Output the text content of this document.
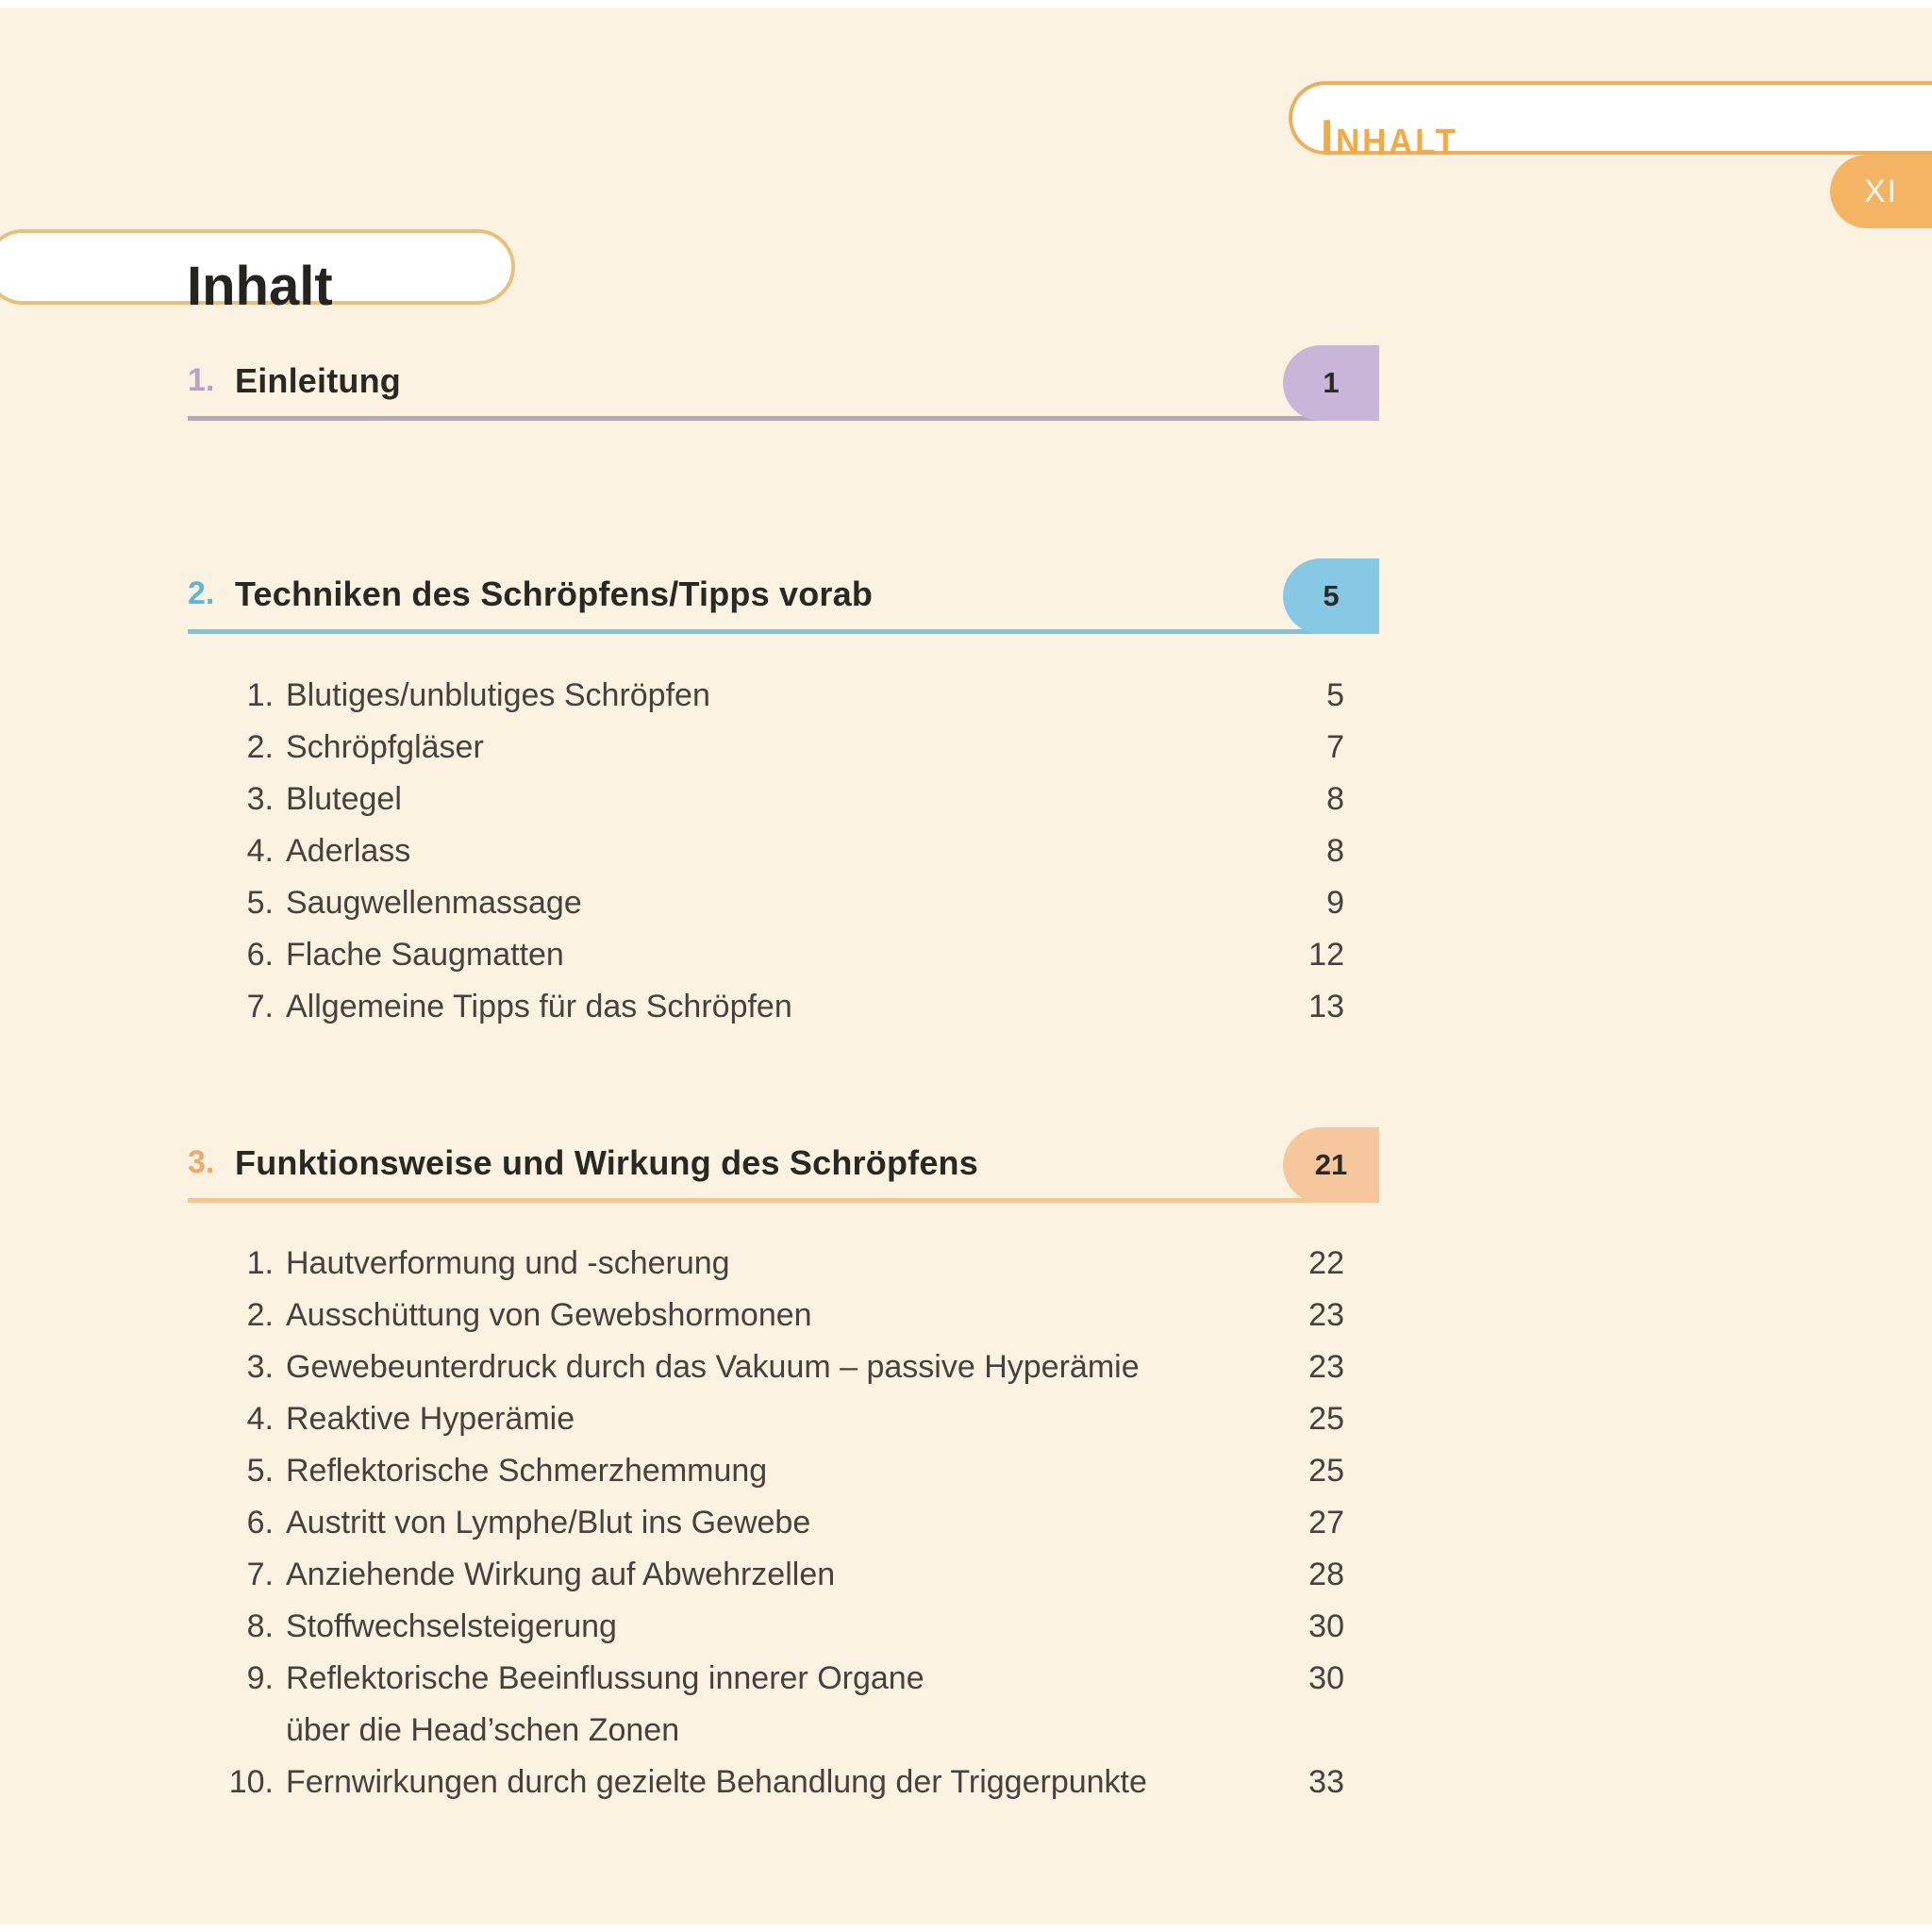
INHALT
XI
Inhalt
1. Einleitung	1
2. Techniken des Schröpfens/Tipps vorab	5
1. Blutiges/unblutiges Schröpfen	5
2. Schröpfgläser	7
3. Blutegel	8
4. Aderlass	8
5. Saugwellenmassage	9
6. Flache Saugmatten	12
7. Allgemeine Tipps für das Schröpfen	13
3. Funktionsweise und Wirkung des Schröpfens	21
1. Hautverformung und -scherung	22
2. Ausschüttung von Gewebshormonen	23
3. Gewebeunterdruck durch das Vakuum – passive Hyperämie	23
4. Reaktive Hyperämie	25
5. Reflektorische Schmerzhemmung	25
6. Austritt von Lymphe/Blut ins Gewebe	27
7. Anziehende Wirkung auf Abwehrzellen	28
8. Stoffwechselsteigerung	30
9. Reflektorische Beeinflussung innerer Organe	30
über die Head’schen Zonen
10. Fernwirkungen durch gezielte Behandlung der Triggerpunkte	33
